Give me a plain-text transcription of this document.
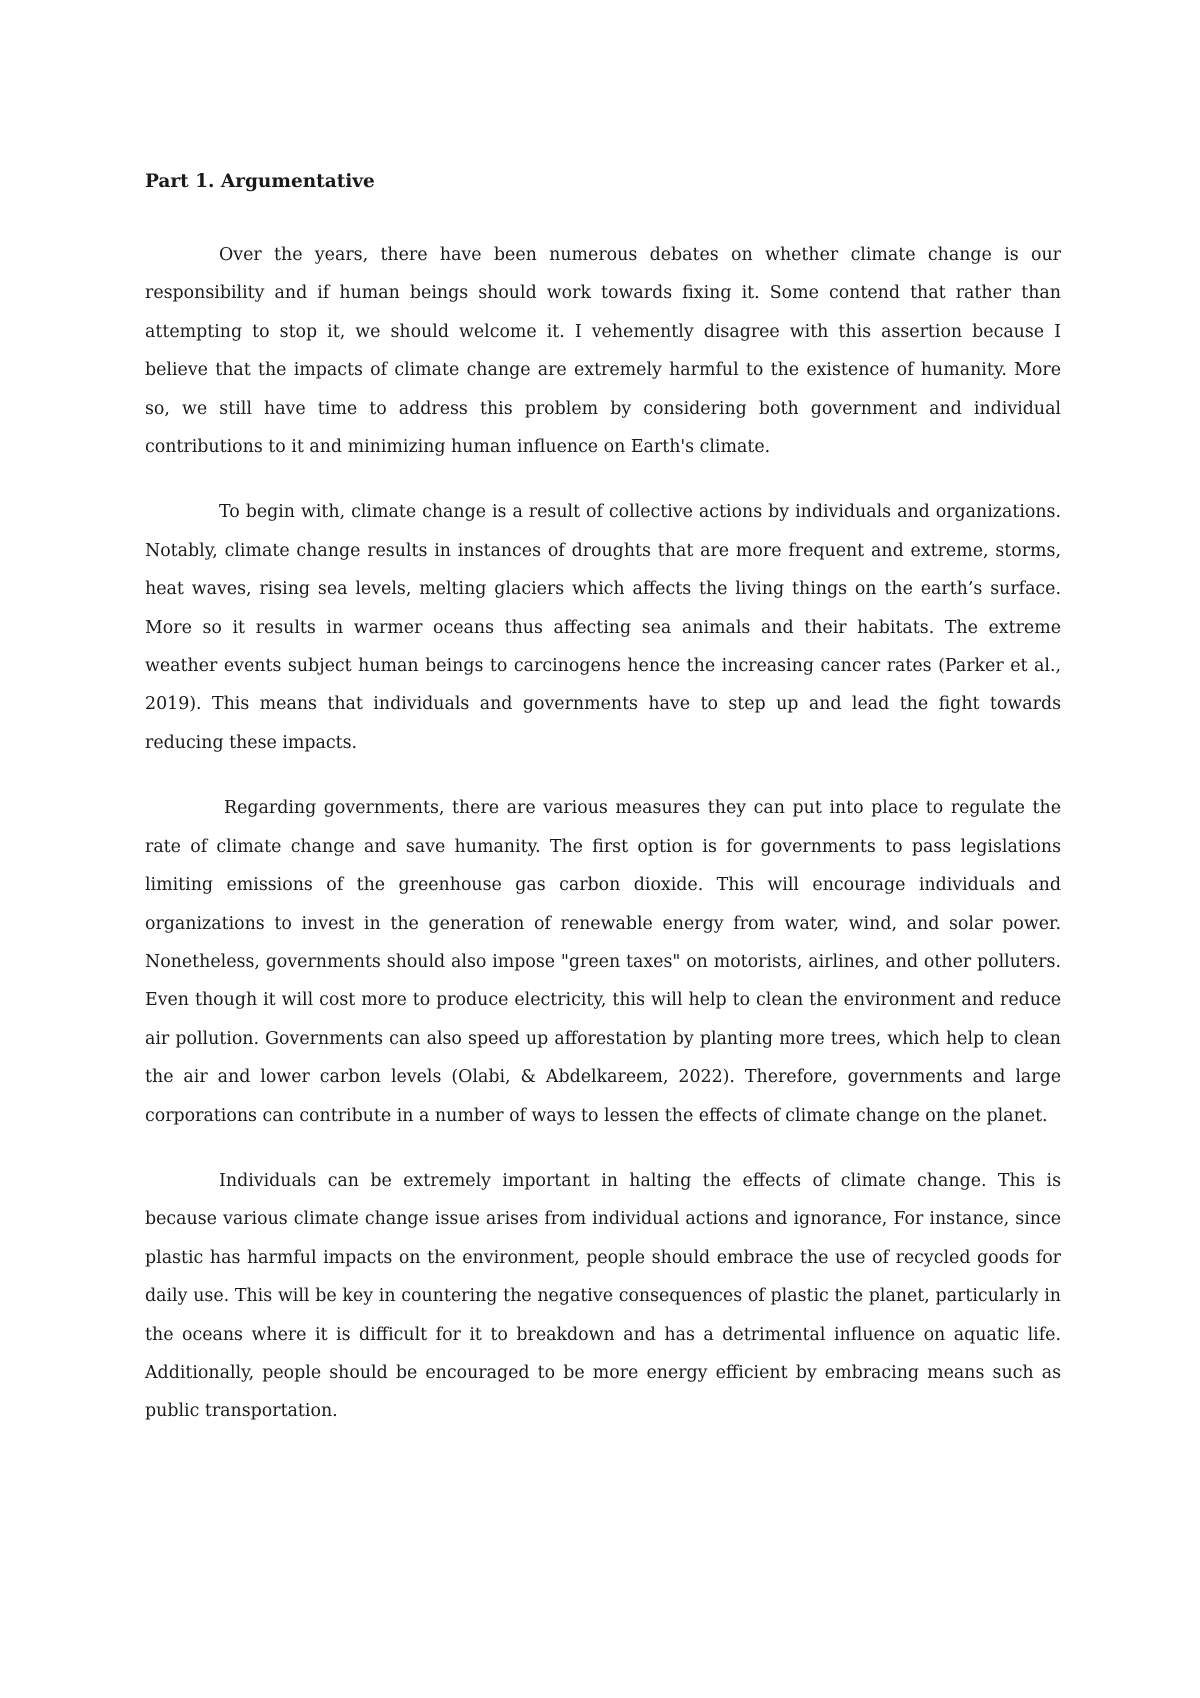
Part 1. Argumentative

Over the years, there have been numerous debates on whether climate change is our responsibility and if human beings should work towards fixing it. Some contend that rather than attempting to stop it, we should welcome it. I vehemently disagree with this assertion because I believe that the impacts of climate change are extremely harmful to the existence of humanity. More so, we still have time to address this problem by considering both government and individual contributions to it and minimizing human influence on Earth's climate.

To begin with, climate change is a result of collective actions by individuals and organizations. Notably, climate change results in instances of droughts that are more frequent and extreme, storms, heat waves, rising sea levels, melting glaciers which affects the living things on the earth’s surface. More so it results in warmer oceans thus affecting sea animals and their habitats. The extreme weather events subject human beings to carcinogens hence the increasing cancer rates (Parker et al., 2019). This means that individuals and governments have to step up and lead the fight towards reducing these impacts.

Regarding governments, there are various measures they can put into place to regulate the rate of climate change and save humanity. The first option is for governments to pass legislations limiting emissions of the greenhouse gas carbon dioxide. This will encourage individuals and organizations to invest in the generation of renewable energy from water, wind, and solar power. Nonetheless, governments should also impose "green taxes" on motorists, airlines, and other polluters. Even though it will cost more to produce electricity, this will help to clean the environment and reduce air pollution. Governments can also speed up afforestation by planting more trees, which help to clean the air and lower carbon levels (Olabi, & Abdelkareem, 2022). Therefore, governments and large corporations can contribute in a number of ways to lessen the effects of climate change on the planet.

Individuals can be extremely important in halting the effects of climate change. This is because various climate change issue arises from individual actions and ignorance, For instance, since plastic has harmful impacts on the environment, people should embrace the use of recycled goods for daily use. This will be key in countering the negative consequences of plastic the planet, particularly in the oceans where it is difficult for it to breakdown and has a detrimental influence on aquatic life. Additionally, people should be encouraged to be more energy efficient by embracing means such as public transportation.
